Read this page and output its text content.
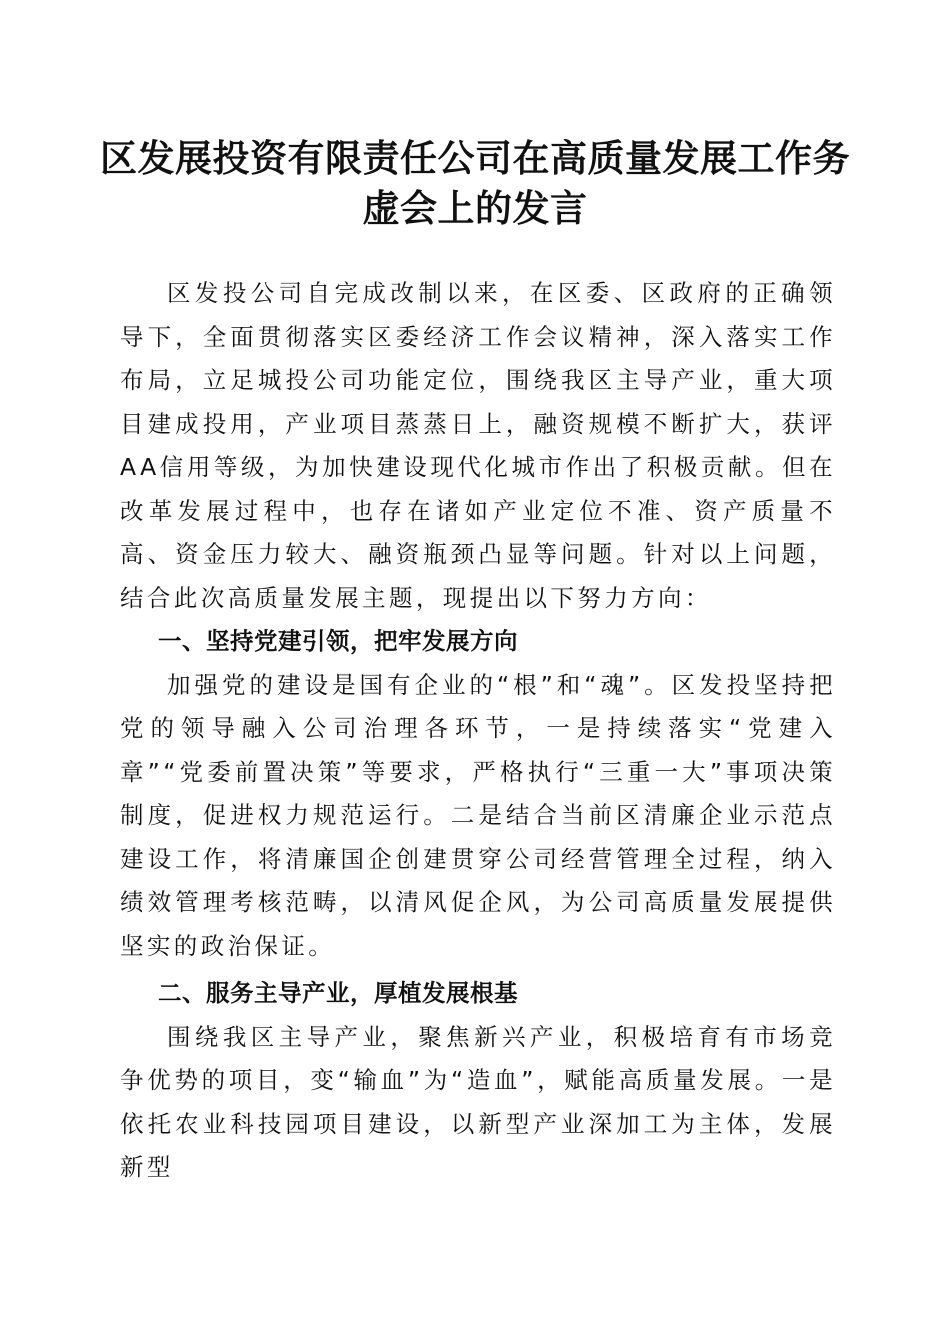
区发展投资有限责任公司在高质量发展工作务
虚会上的发言

区发投公司自完成改制以来，在区委、区政府的正确领导下，全面贯彻落实区委经济工作会议精神，深入落实工作布局，立足城投公司功能定位，围绕我区主导产业，重大项目建成投用，产业项目蒸蒸日上，融资规模不断扩大，获评AA信用等级，为加快建设现代化城市作出了积极贡献。但在改革发展过程中，也存在诸如产业定位不准、资产质量不高、资金压力较大、融资瓶颈凸显等问题。针对以上问题，结合此次高质量发展主题，现提出以下努力方向：

一、坚持党建引领，把牢发展方向

加强党的建设是国有企业的“根”和“魂”。区发投坚持把党的领导融入公司治理各环节，一是持续落实“党建入章”“党委前置决策”等要求，严格执行“三重一大”事项决策制度，促进权力规范运行。二是结合当前区清廉企业示范点建设工作，将清廉国企创建贯穿公司经营管理全过程，纳入绩效管理考核范畴，以清风促企风，为公司高质量发展提供坚实的政治保证。

二、服务主导产业，厚植发展根基

围绕我区主导产业，聚焦新兴产业，积极培育有市场竞争优势的项目，变“输血”为“造血”，赋能高质量发展。一是依托农业科技园项目建设，以新型产业深加工为主体，发展新型
